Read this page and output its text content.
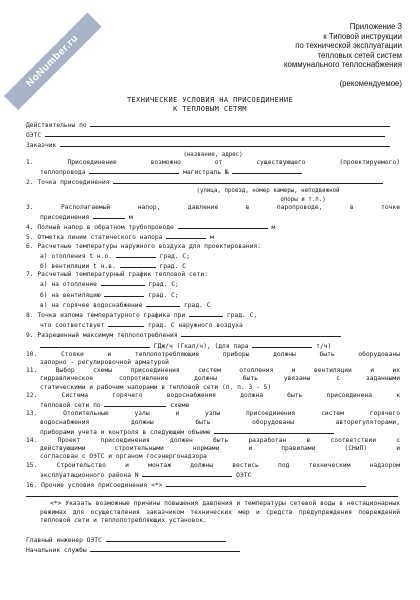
NoNumber.ru
Приложение 3
к Типовой инструкции
по технической эксплуатации
тепловых сетей систем
коммунального теплоснабжения
(рекомендуемое)
ТЕХНИЧЕСКИЕ УСЛОВИЯ НА ПРИСОЕДИНЕНИЕ
К ТЕПЛОВЫМ СЕТЯМ
Действительны по
ОЭТС
Заказчик
(название, адрес)
1. Присоединение возможно от существующего (проектируемого)
теплопровода	магистраль №
2. Точка присоединения
(улица, проезд, номер камеры, неподвижной
опоры и т.п.)
3. Располагаемый напор, давление в паропроводе, в точке
присоединения	м
4. Полный напор в обратном трубопроводе	м
5. Отметка линии статического напора	м
6. Расчетные температуры наружного воздуха для проектирования:
а) отопления t н.о.	град. С;
б) вентиляции t н.в.	град. С
7. Расчетный температурный график тепловой сети:
а) на отопление	град. С;
б) на вентиляцию	град. С;
в) на горячее водоснабжение	град. С
8. Точка излома температурного графика при	град. С,
что соответствует	град. С наружного воздуха
9. Разрешенный максимум теплопотребления
ГДж/ч (Гкал/ч), (для пара	т/ч)
10. Стояки и теплопотребляющие приборы должны быть оборудованы
запорно - регулировочной арматурой
11. Выбор схемы присоединения систем отопления и вентиляции и их
гидравлическое сопротивление должны быть увязаны с заданными
статическими и рабочим напорами в тепловой сети (п. п. 3 - 5)
12. Система горячего водоснабжения должна быть присоединена к
тепловой сети по	схеме
13. Отопительные узлы и узлы присоединения систем горячего
водоснабжения должны быть оборудованы авторегуляторами,
приборами учета и контроля в следующем объеме
14. Проект присоединения должен быть разработан в соответствии с
действующими строительными нормами и правилами (СНиП) и
согласован с ОЭТС и органом госэнергонадзора
15. Строительство и монтаж должны вестись под техническим надзором
эксплуатационного района N	ОЭТС
16. Прочие условия присоединения <*>
<*> Указать возможные причины повышения давления и температуры сетевой воды в нестационарных режимах для осуществления заказчиком технических мер и средств предупреждения повреждений тепловой сети и теплопотребляющих установок.
Главный инженер ОЭТС
Начальник службы
